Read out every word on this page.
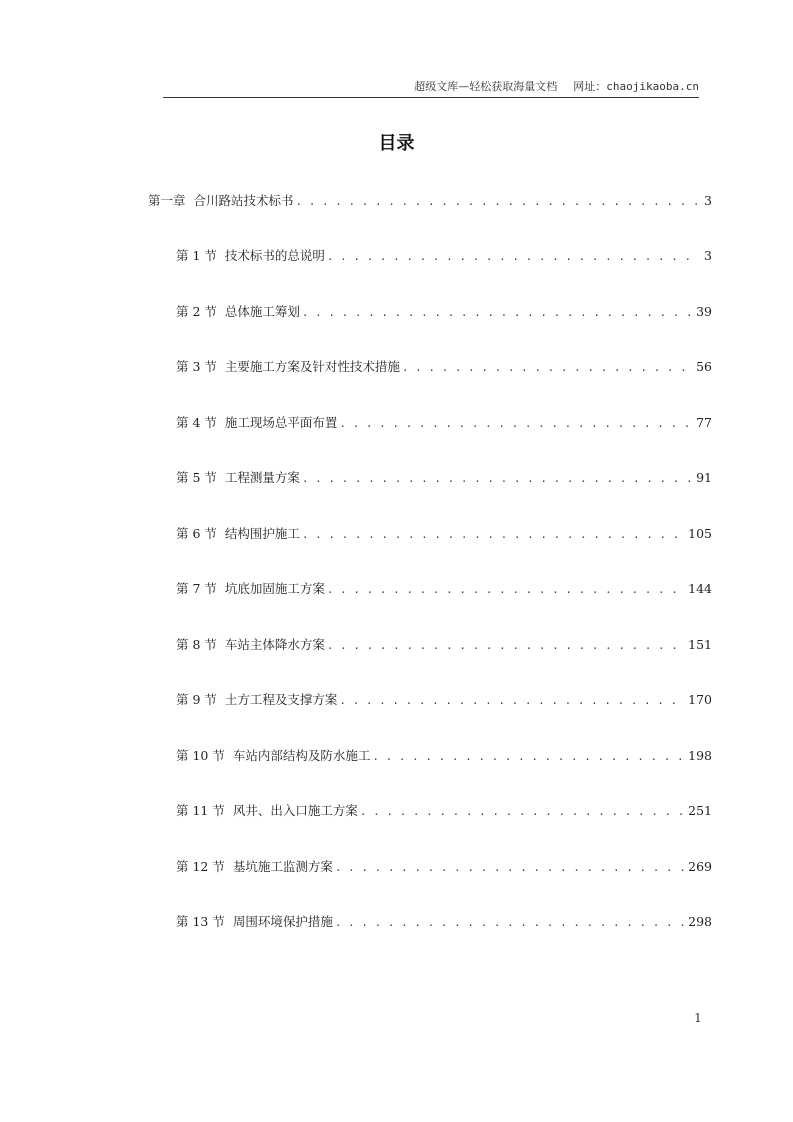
超级文库—轻松获取海量文档 网址：chaojikaoba.cn
目录
第一章 合川路站技术标书 . . .	3
第 1 节 技术标书的总说明 . . .	3
第 2 节 总体施工筹划 . . .	39
第 3 节 主要施工方案及针对性技术措施 . . .	56
第 4 节 施工现场总平面布置 . . .	77
第 5 节 工程测量方案 . . .	91
第 6 节 结构围护施工 . . .	105
第 7 节 坑底加固施工方案 . . .	144
第 8 节 车站主体降水方案 . . .	151
第 9 节 土方工程及支撑方案 . . .	170
第 10 节 车站内部结构及防水施工 . . .	198
第 11 节 风井、出入口施工方案 . . .	251
第 12 节 基坑施工监测方案 . . .	269
第 13 节 周围环境保护措施 . . .	298
1
